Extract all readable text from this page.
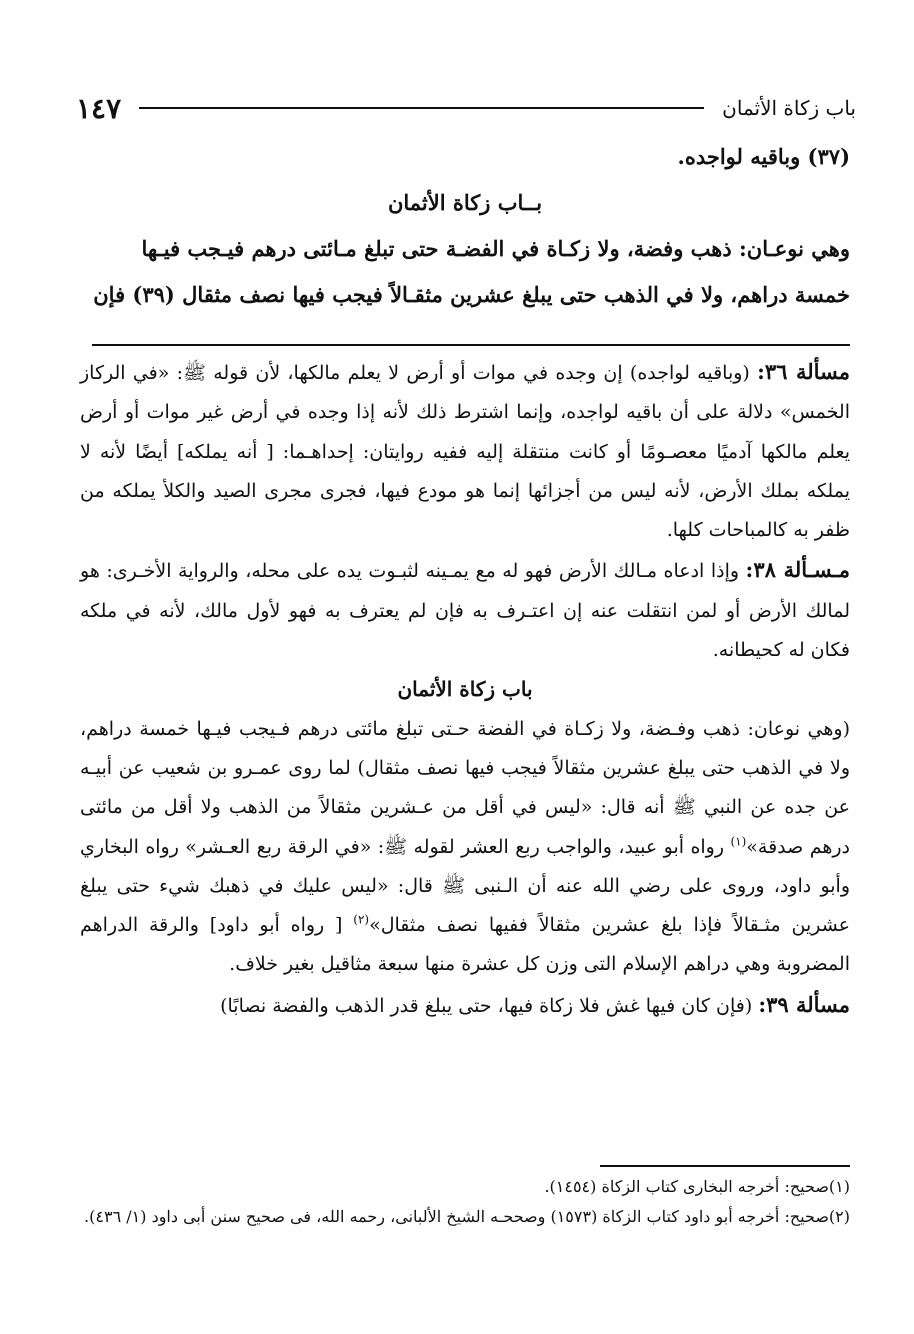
باب زكاة الأثمان
١٤٧
(٣٧) وباقيه لواجده.
بــاب زكاة الأثمان
وهي نوعـان: ذهب وفضة، ولا زكـاة في الفضـة حتى تبلغ مـائتى درهم فيـجب فيـها
خمسة دراهم، ولا في الذهب حتى يبلغ عشرين مثقـالاً فيجب فيها نصف مثقال (٣٩) فإن

مسألة ٣٦: (وباقيه لواجده) إن وجده في موات أو أرض لا يعلم مالكها، لأن قوله ﷺ: «في الركاز الخمس» دلالة على أن باقيه لواجده، وإنما اشترط ذلك لأنه إذا وجده في أرض غير موات أو أرض يعلم مالكها آدميًا معصـومًا أو كانت منتقلة إليه ففيه روايتان: إحداهـما: [ أنه يملكه] أيضًا لأنه لا يملكه بملك الأرض، لأنه ليس من أجزائها إنما هو مودع فيها، فجرى مجرى الصيد والكلأ يملكه من ظفر به كالمباحات كلها.

مـسـألة ٣٨: وإذا ادعاه مـالك الأرض فهو له مع يمـينه لثبـوت يده على محله، والرواية الأخـرى: هو لمالك الأرض أو لمن انتقلت عنه إن اعتـرف به فإن لم يعترف به فهو لأول مالك، لأنه في ملكه فكان له كحيطانه.

باب زكاة الأثمان

(وهي نوعان: ذهب وفـضة، ولا زكـاة في الفضة حـتى تبلغ مائتى درهم فـيجب فيـها خمسة دراهم، ولا في الذهب حتى يبلغ عشرين مثقالاً فيجب فيها نصف مثقال) لما روى عمـرو بن شعيب عن أبيـه عن جده عن النبي ﷺ أنه قال: «ليس في أقل من عـشرين مثقالاً من الذهب ولا أقل من مائتى درهم صدقة»$^{(١)}$ رواه أبو عبيد، والواجب ربع العشر لقوله ﷺ: «في الرقة ربع العـشر» رواه البخاري وأبو داود، وروى على رضي الله عنه أن الـنبى ﷺ قال: «ليس عليك في ذهبك شيء حتى يبلغ عشرين مثـقالاً فإذا بلغ عشرين مثقالاً ففيها نصف مثقال»$^{(٢)}$ [ رواه أبو داود] والرقة الدراهم المضروبة وهي دراهم الإسلام التى وزن كل عشرة منها سبعة مثاقيل بغير خلاف.

مسألة ٣٩: (فإن كان فيها غش فلا زكاة فيها، حتى يبلغ قدر الذهب والفضة نصابًا)

(١)صحيح: أخرجه البخارى كتاب الزكاة (١٤٥٤).

(٢)صحيح: أخرجه أبو داود كتاب الزكاة (١٥٧٣) وصححـه الشيخ الألبانى، رحمه الله، فى صحيح سنن أبى داود (١/ ٤٣٦).
